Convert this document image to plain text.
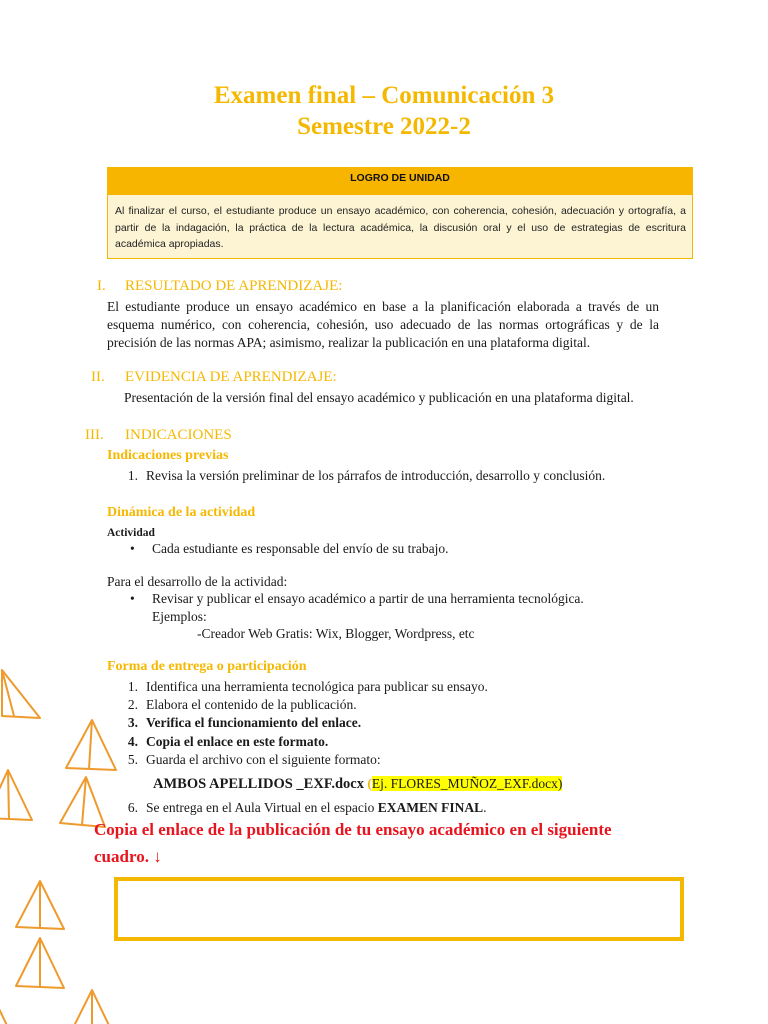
Examen final – Comunicación 3
Semestre 2022-2
LOGRO DE UNIDAD
Al finalizar el curso, el estudiante produce un ensayo académico, con coherencia, cohesión, adecuación y ortografía, a partir de la indagación, la práctica de la lectura académica, la discusión oral y el uso de estrategias de escritura académica apropiadas.
I. RESULTADO DE APRENDIZAJE:
El estudiante produce un ensayo académico en base a la planificación elaborada a través de un esquema numérico, con coherencia, cohesión, uso adecuado de las normas ortográficas y de la precisión de las normas APA; asimismo, realizar la publicación en una plataforma digital.
II. EVIDENCIA DE APRENDIZAJE:
Presentación de la versión final del ensayo académico y publicación en una plataforma digital.
III. INDICACIONES
Indicaciones previas
1. Revisa la versión preliminar de los párrafos de introducción, desarrollo y conclusión.
Dinámica de la actividad
Actividad
• Cada estudiante es responsable del envío de su trabajo.
Para el desarrollo de la actividad:
• Revisar y publicar el ensayo académico a partir de una herramienta tecnológica.
Ejemplos:
-Creador Web Gratis: Wix, Blogger, Wordpress, etc
Forma de entrega o participación
1. Identifica una herramienta tecnológica para publicar su ensayo.
2. Elabora el contenido de la publicación.
3. Verifica el funcionamiento del enlace.
4. Copia el enlace en este formato.
5. Guarda el archivo con el siguiente formato:
AMBOS APELLIDOS _EXF.docx (Ej. FLORES_MUÑOZ_EXF.docx)
6. Se entrega en el Aula Virtual en el espacio EXAMEN FINAL.
Copia el enlace de la publicación de tu ensayo académico en el siguiente
cuadro. ↓
